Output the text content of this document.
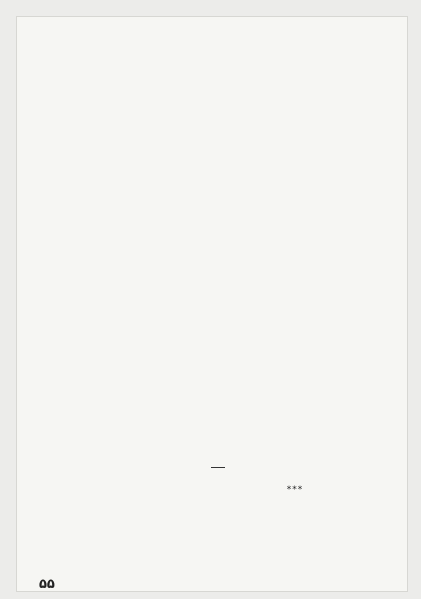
***
۵۵
